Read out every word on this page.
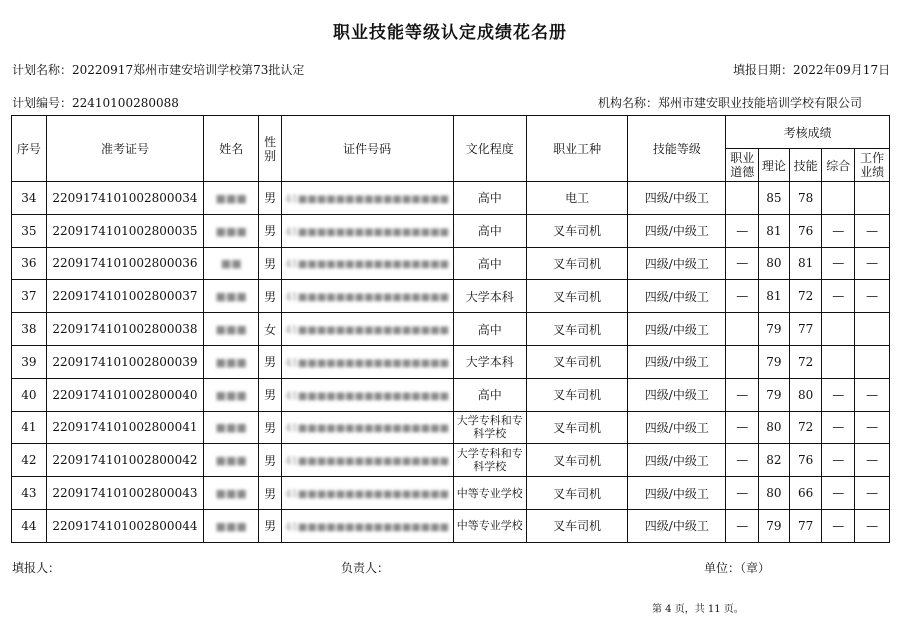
职业技能等级认定成绩花名册
计划名称：20220917郑州市建安培训学校第73批认定	填报日期：2022年09月17日
计划编号：22410100280088	机构名称：郑州市建安职业技能培训学校有限公司
序号	准考证号	姓名	性别	证件号码	文化程度	职业工种	技能等级	考核成绩				
								职业道德	理论	技能	综合	工作业绩
34	220917410100280003​4	■■■	男	41■■■■■■■■■■■■■■■■	高中	电工	四级/中级工		85	78		
35	2209174101002800035	■■■	男	41■■■■■■■■■■■■■■■■	高中	叉车司机	四级/中级工	—	81	76	—	—
36	2209174101002800036	■■	男	41■■■■■■■■■■■■■■■■	高中	叉车司机	四级/中级工	—	80	81	—	—
37	2209174101002800037	■■■	男	41■■■■■■■■■■■■■■■■	大学本科	叉车司机	四级/中级工	—	81	72	—	—
38	2209174101002800038	■■■	女	41■■■■■■■■■■■■■■■■	高中	叉车司机	四级/中级工		79	77		
39	2209174101002800039	■■■	男	41■■■■■■■■■■■■■■■■	大学本科	叉车司机	四级/中级工		79	72		
40	2209174101002800040	■■■	男	41■■■■■■■■■■■■■■■■	高中	叉车司机	四级/中级工	—	79	80	—	—
41	2209174101002800041	■■■	男	41■■■■■■■■■■■■■■■■	大学专科和专科学校	叉车司机	四级/中级工	—	80	72	—	—
42	2209174101002800042	■■■	男	41■■■■■■■■■■■■■■■■	大学专科和专科学校	叉车司机	四级/中级工	—	82	76	—	—
43	2209174101002800043	■■■	男	41■■■■■■■■■■■■■■■■	中等专业学校	叉车司机	四级/中级工	—	80	66	—	—
44	2209174101002800044	■■■	男	41■■■■■■■■■■■■■■■■	中等专业学校	叉车司机	四级/中级工	—	79	77	—	—
填报人：	负责人：	单位：（章）
第 4 页，共 11 页。
